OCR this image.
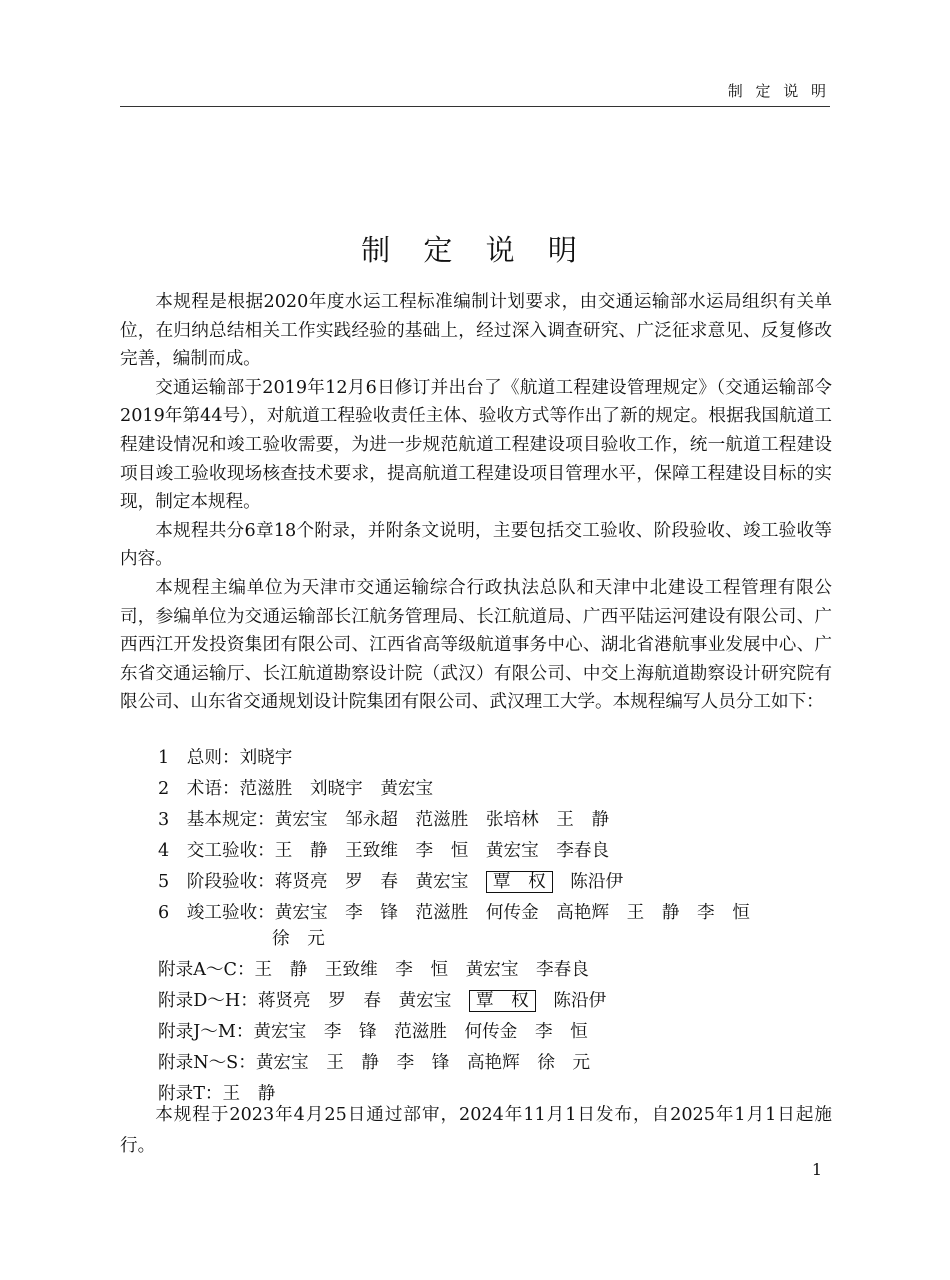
制 定 说 明
制 定 说 明

本规程是根据2020年度水运工程标准编制计划要求，由交通运输部水运局组织有关单位，在归纳总结相关工作实践经验的基础上，经过深入调查研究、广泛征求意见、反复修改完善，编制而成。

交通运输部于2019年12月6日修订并出台了《航道工程建设管理规定》（交通运输部令2019年第44号），对航道工程验收责任主体、验收方式等作出了新的规定。根据我国航道工程建设情况和竣工验收需要，为进一步规范航道工程建设项目验收工作，统一航道工程建设项目竣工验收现场核查技术要求，提高航道工程建设项目管理水平，保障工程建设目标的实现，制定本规程。

本规程共分6章18个附录，并附条文说明，主要包括交工验收、阶段验收、竣工验收等内容。

本规程主编单位为天津市交通运输综合行政执法总队和天津中北建设工程管理有限公司，参编单位为交通运输部长江航务管理局、长江航道局、广西平陆运河建设有限公司、广西西江开发投资集团有限公司、江西省高等级航道事务中心、湖北省港航事业发展中心、广东省交通运输厅、长江航道勘察设计院（武汉）有限公司、中交上海航道勘察设计研究院有限公司、山东省交通规划设计院集团有限公司、武汉理工大学。本规程编写人员分工如下：

1　总则：刘晓宇
2　术语：范滋胜　刘晓宇　黄宏宝
3　基本规定：黄宏宝　邹永超　范滋胜　张培林　王　静
4　交工验收：王　静　王致维　李　恒　黄宏宝　李春良
5　阶段验收：蒋贤亮　罗　春　黄宏宝　覃　权　陈沿伊
6　竣工验收：黄宏宝　李　锋　范滋胜　何传金　高艳辉　王　静　李　恒
徐　元
附录A～C：王　静　王致维　李　恒　黄宏宝　李春良
附录D～H：蒋贤亮　罗　春　黄宏宝　覃　权　陈沿伊
附录J～M：黄宏宝　李　锋　范滋胜　何传金　李　恒
附录N～S：黄宏宝　王　静　李　锋　高艳辉　徐　元
附录T：王　静

本规程于2023年4月25日通过部审，2024年11月1日发布，自2025年1月1日起施行。

1
